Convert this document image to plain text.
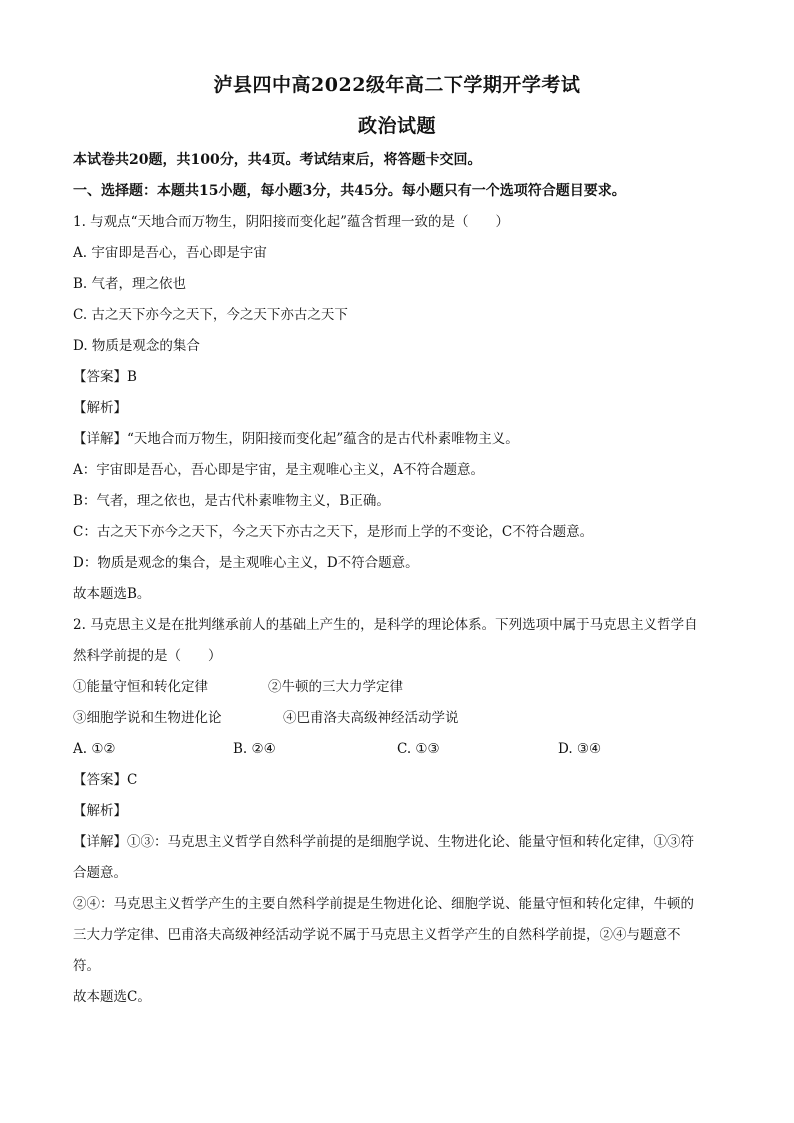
泸县四中高2022级年高二下学期开学考试
政治试题
本试卷共20题，共100分，共4页。考试结束后，将答题卡交回。
一、选择题：本题共15小题，每小题3分，共45分。每小题只有一个选项符合题目要求。
1. 与观点“天地合而万物生，阴阳接而变化起”蕴含哲理一致的是（　　）
A. 宇宙即是吾心，吾心即是宇宙
B. 气者，理之依也
C. 古之天下亦今之天下，今之天下亦古之天下
D. 物质是观念的集合
【答案】B
【解析】
【详解】“天地合而万物生，阴阳接而变化起”蕴含的是古代朴素唯物主义。
A：宇宙即是吾心，吾心即是宇宙，是主观唯心主义，A不符合题意。
B：气者，理之依也，是古代朴素唯物主义，B正确。
C：古之天下亦今之天下，今之天下亦古之天下，是形而上学的不变论，C不符合题意。
D：物质是观念的集合，是主观唯心主义，D不符合题意。
故本题选B。
2. 马克思主义是在批判继承前人的基础上产生的，是科学的理论体系。下列选项中属于马克思主义哲学自
然科学前提的是（　　）
①能量守恒和转化定律	②牛顿的三大力学定律
③细胞学说和生物进化论	④巴甫洛夫高级神经活动学说
A. ①②	B. ②④	C. ①③	D. ③④
【答案】C
【解析】
【详解】①③：马克思主义哲学自然科学前提的是细胞学说、生物进化论、能量守恒和转化定律，①③符
合题意。
②④：马克思主义哲学产生的主要自然科学前提是生物进化论、细胞学说、能量守恒和转化定律，牛顿的
三大力学定律、巴甫洛夫高级神经活动学说不属于马克思主义哲学产生的自然科学前提，②④与题意不
符。
故本题选C。
